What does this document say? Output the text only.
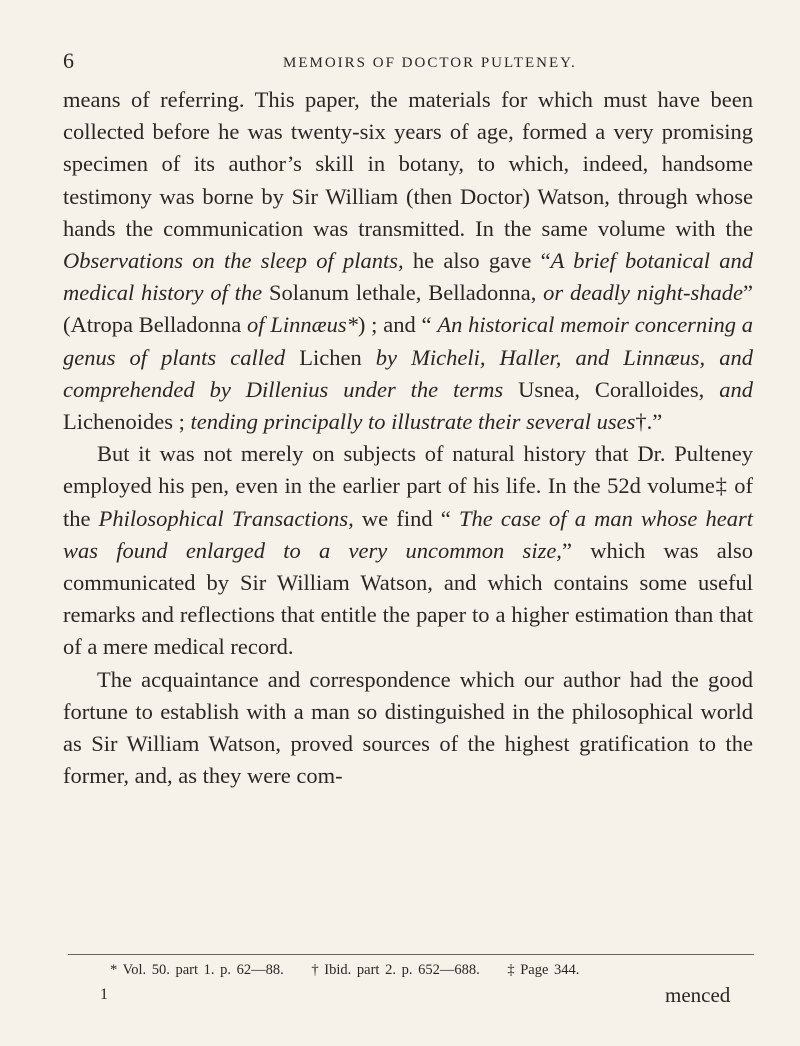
6	MEMOIRS OF DOCTOR PULTENEY.

means of referring. This paper, the materials for which must have been collected before he was twenty-six years of age, formed a very promising specimen of its author’s skill in botany, to which, indeed, handsome testimony was borne by Sir William (then Doctor) Watson, through whose hands the communication was transmitted. In the same volume with the Observations on the sleep of plants, he also gave “A brief botanical and medical history of the Solanum lethale, Belladonna, or deadly night-shade” (Atropa Belladonna of Linnæus*) ; and “ An historical memoir concerning a genus of plants called Lichen by Micheli, Haller, and Linnæus, and comprehended by Dillenius under the terms Usnea, Coralloides, and Lichenoides ; tending principally to illustrate their several uses†.”

But it was not merely on subjects of natural history that Dr. Pulteney employed his pen, even in the earlier part of his life. In the 52d volume‡ of the Philosophical Transactions, we find “ The case of a man whose heart was found enlarged to a very uncommon size,” which was also communicated by Sir William Watson, and which contains some useful remarks and reflections that entitle the paper to a higher estimation than that of a mere medical record.

The acquaintance and correspondence which our author had the good fortune to establish with a man so distinguished in the philosophical world as Sir William Watson, proved sources of the highest gratification to the former, and, as they were com-

* Vol. 50. part 1. p. 62—88. † Ibid. part 2. p. 652—688. ‡ Page 344.
1	menced
